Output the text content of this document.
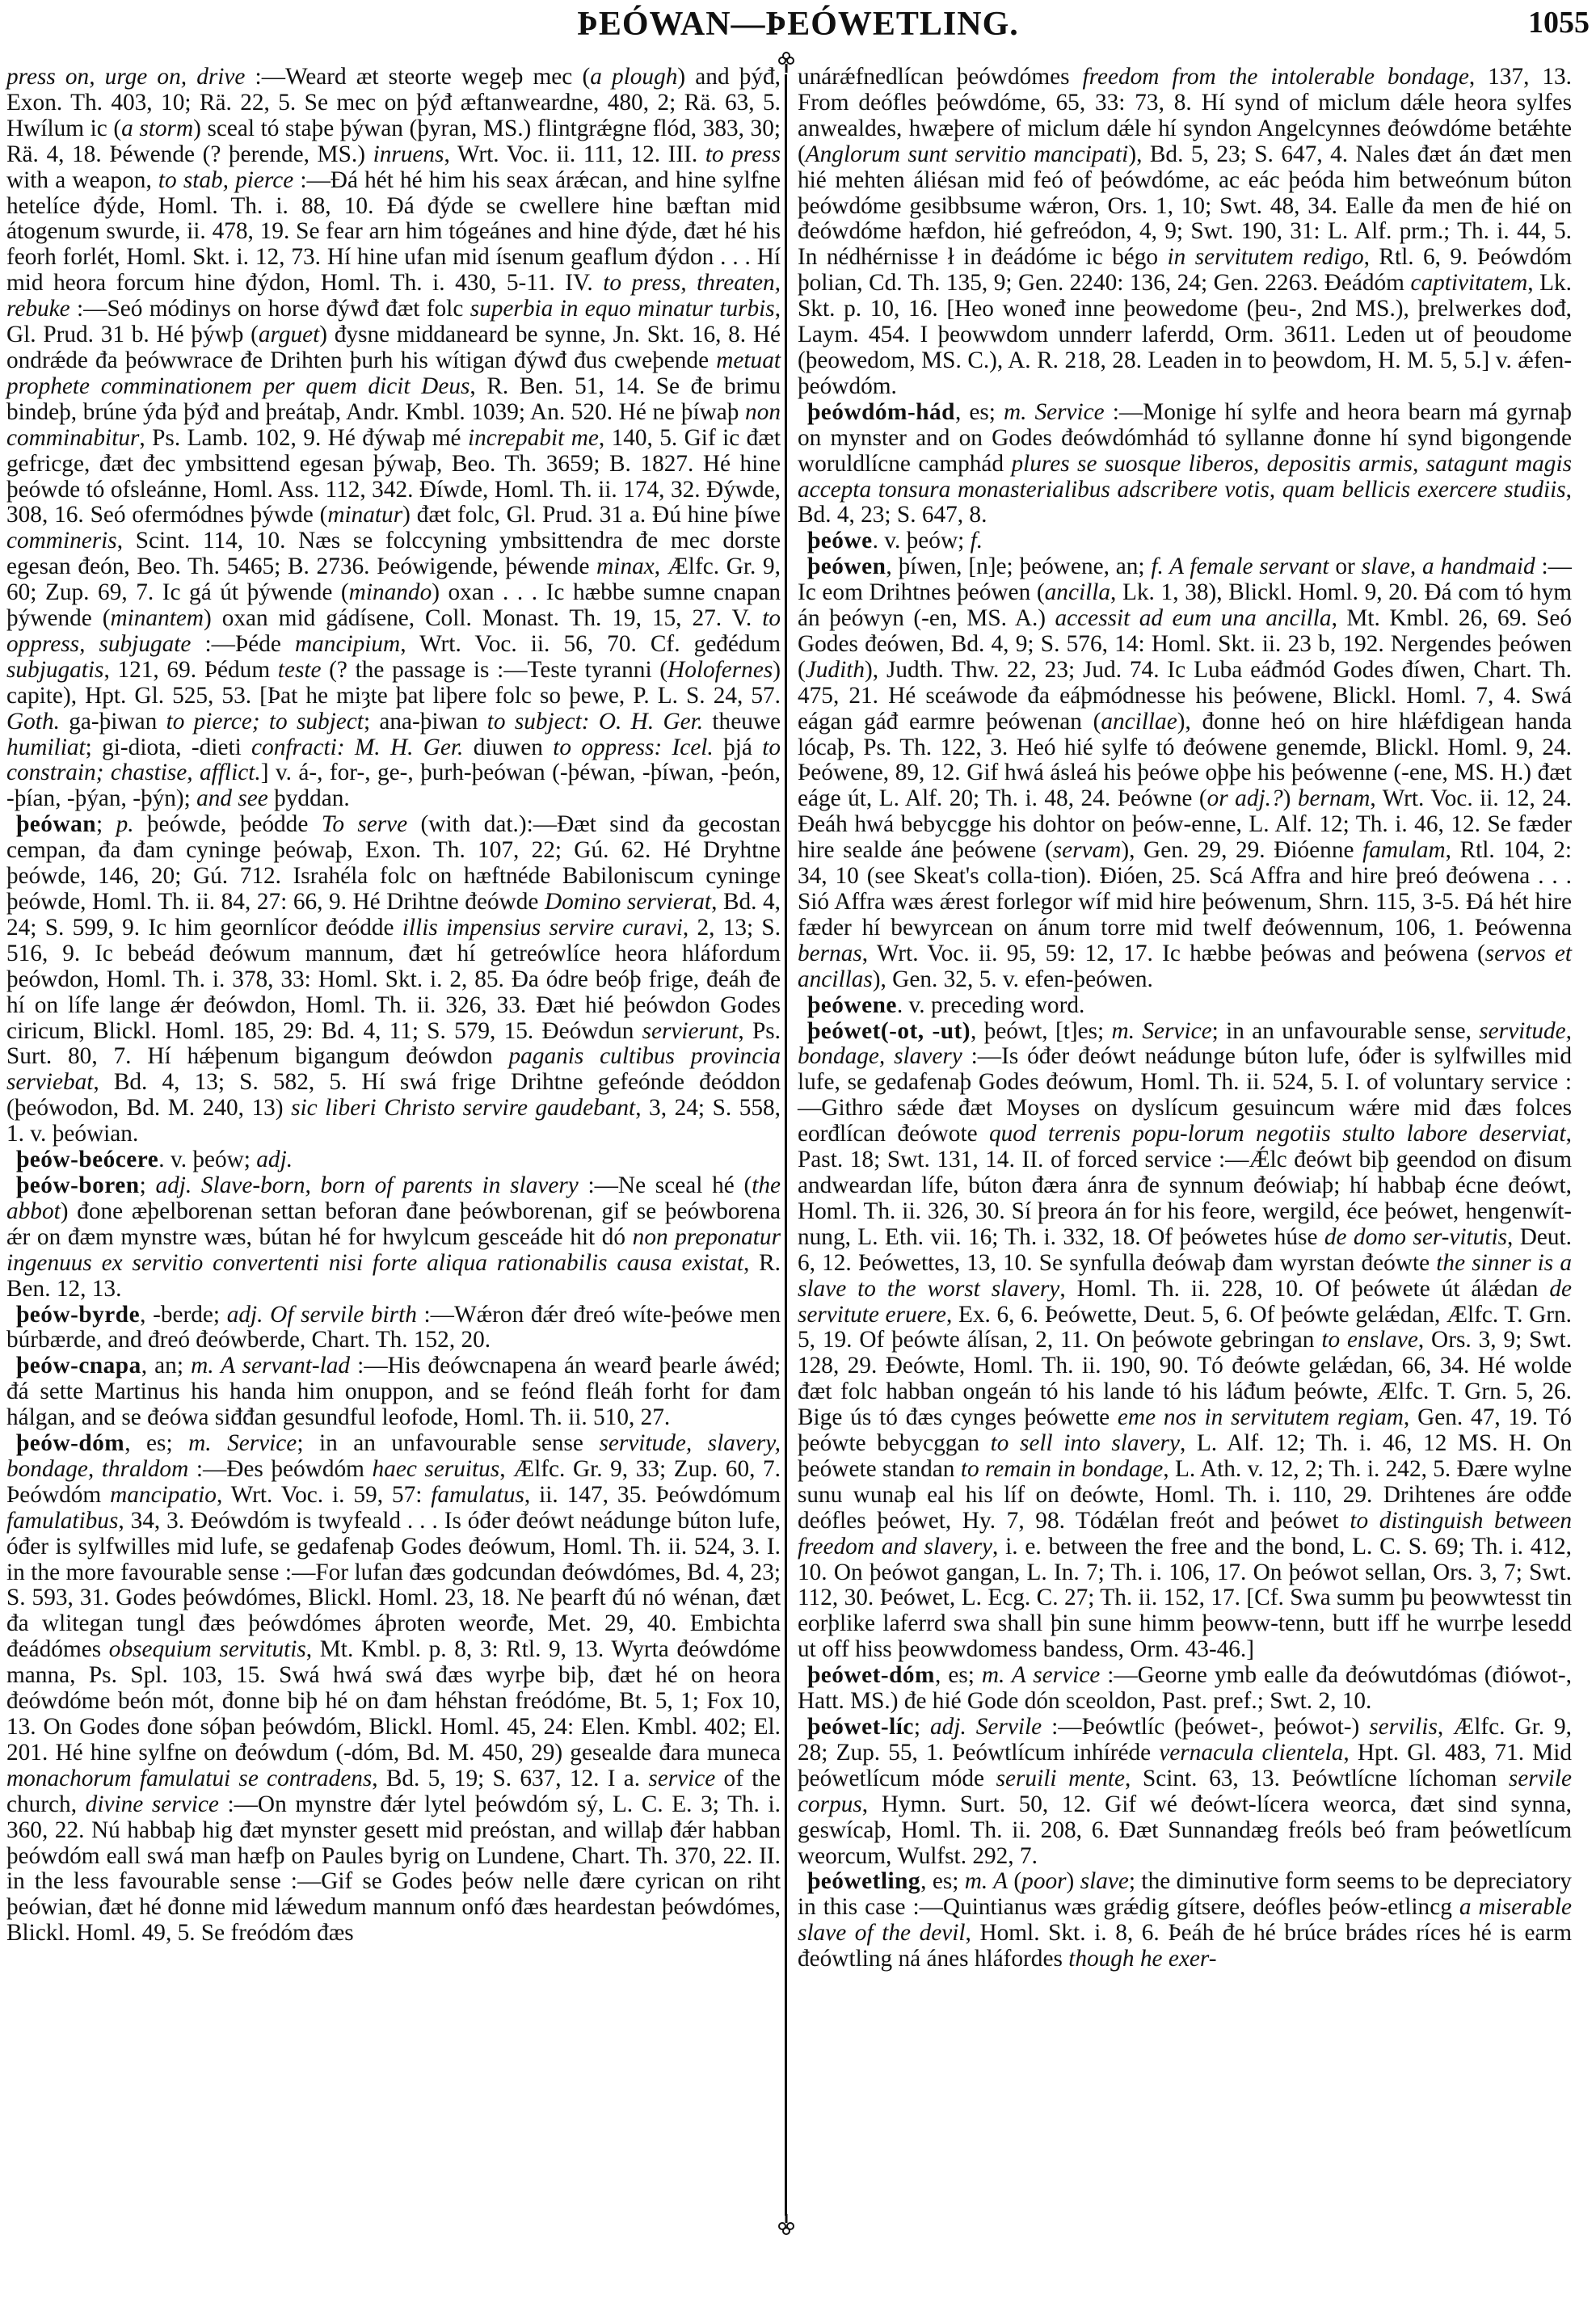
ÞEÓWAN—ÞEÓWETLING.	1055

press on, urge on, drive :—Weard æt steorte wegeþ mec (a plough) and þýđ, Exon. Th. 403, 10; Rä. 22, 5. Se mec on þýđ æftanweardne, 480, 2; Rä. 63, 5. Hwílum ic (a storm) sceal tó staþe þýwan (þyran, MS.) flintgrǽgne flód, 383, 30; Rä. 4, 18. Þéwende (? þerende, MS.) inruens, Wrt. Voc. ii. 111, 12. III. to press with a weapon, to stab, pierce :—Đá hét hé him his seax árǽcan, and hine sylfne hetelíce đýde, Homl. Th. i. 88, 10. Đá đýde se cwellere hine bæftan mid átogenum swurde, ii. 478, 19. Se fear arn him tógeánes and hine đýde, đæt hé his feorh forlét, Homl. Skt. i. 12, 73. Hí hine ufan mid ísenum geaflum đýdon . . . Hí mid heora forcum hine đýdon, Homl. Th. i. 430, 5-11. IV. to press, threaten, rebuke :—Seó módinys on horse đýwđ đæt folc superbia in equo minatur turbis, Gl. Prud. 31 b. Hé þýwþ (arguet) đysne middaneard be synne, Jn. Skt. 16, 8. Hé ondrǽde đa þeówwrace đe Drihten þurh his wítigan đýwđ đus cweþende metuat prophete comminationem per quem dicit Deus, R. Ben. 51, 14. Se đe brimu bindeþ, brúne ýđa þýđ and þreátaþ, Andr. Kmbl. 1039; An. 520. Hé ne þíwaþ non comminabitur, Ps. Lamb. 102, 9. Hé đýwaþ mé increpabit me, 140, 5. Gif ic đæt gefricge, đæt đec ymbsittend egesan þýwaþ, Beo. Th. 3659; B. 1827. Hé hine þeówde tó ofsleánne, Homl. Ass. 112, 342. Đíwde, Homl. Th. ii. 174, 32. Đýwde, 308, 16. Seó ofermódnes þýwde (minatur) đæt folc, Gl. Prud. 31 a. Đú hine þíwe commineris, Scint. 114, 10. Næs se folccyning ymbsittendra đe mec dorste egesan đeón, Beo. Th. 5465; B. 2736. Þeówigende, þéwende minax, Ælfc. Gr. 9, 60; Zup. 69, 7. Ic gá út þýwende (minando) oxan . . . Ic hæbbe sumne cnapan þýwende (minantem) oxan mid gádísene, Coll. Monast. Th. 19, 15, 27. V. to oppress, subjugate :—Þéde mancipium, Wrt. Voc. ii. 56, 70. Cf. geđédum subjugatis, 121, 69. Þédum teste (? the passage is :—Teste tyranni (Holofernes) capite), Hpt. Gl. 525, 53. [Þat he miȝte þat liþere folc so þewe, P. L. S. 24, 57. Goth. ga-þiwan to pierce; to subject; ana-þiwan to subject: O. H. Ger. theuwe humiliat; gi-diota, -dieti confracti: M. H. Ger. diuwen to oppress: Icel. þjá to constrain; chastise, afflict.] v. á-, for-, ge-, þurh-þeówan (-þéwan, -þíwan, -þeón, -þían, -þýan, -þýn); and see þyddan.

þeówan; p. þeówde, þeódde To serve (with dat.):—Đæt sind đa gecostan cempan, đa đam cyninge þeówaþ, Exon. Th. 107, 22; Gú. 62. Hé Dryhtne þeówde, 146, 20; Gú. 712. Israhéla folc on hæftnéde Babiloniscum cyninge þeówde, Homl. Th. ii. 84, 27: 66, 9. Hé Drihtne đeówde Domino servierat, Bd. 4, 24; S. 599, 9. Ic him geornlícor đeódde illis impensius servire curavi, 2, 13; S. 516, 9. Ic bebeád đeówum mannum, đæt hí getreówlíce heora hláfordum þeówdon, Homl. Th. i. 378, 33: Homl. Skt. i. 2, 85. Đa ódre beóþ frige, đeáh đe hí on lífe lange ǽr đeówdon, Homl. Th. ii. 326, 33. Đæt hié þeówdon Godes ciricum, Blickl. Homl. 185, 29: Bd. 4, 11; S. 579, 15. Đeówdun servierunt, Ps. Surt. 80, 7. Hí hǽþenum bigangum đeówdon paganis cultibus provincia serviebat, Bd. 4, 13; S. 582, 5. Hí swá frige Drihtne gefeónde đeóddon (þeówodon, Bd. M. 240, 13) sic liberi Christo servire gaudebant, 3, 24; S. 558, 1. v. þeówian.

þeów-beócere. v. þeów; adj.

þeów-boren; adj. Slave-born, born of parents in slavery :—Ne sceal hé (the abbot) đone æþelborenan settan beforan đane þeówborenan, gif se þeówborena ǽr on đæm mynstre wæs, bútan hé for hwylcum gesceáde hit dó non preponatur ingenuus ex servitio convertenti nisi forte aliqua rationabilis causa existat, R. Ben. 12, 13.

þeów-byrde, -berde; adj. Of servile birth :—Wǽron đǽr đreó wíte-þeówe men búrbærde, and đreó đeówberde, Chart. Th. 152, 20.

þeów-cnapa, an; m. A servant-lad :—His đeówcnapena án wearđ þearle áwéd; đá sette Martinus his handa him onuppon, and se feónd fleáh forht for đam hálgan, and se đeówa siđđan gesundful leofode, Homl. Th. ii. 510, 27.

þeów-dóm, es; m. Service; in an unfavourable sense servitude, slavery, bondage, thraldom :—Đes þeówdóm haec seruitus, Ælfc. Gr. 9, 33; Zup. 60, 7. Þeówdóm mancipatio, Wrt. Voc. i. 59, 57: famulatus, ii. 147, 35. Þeówdómum famulatibus, 34, 3. Đeówdóm is twyfeald . . . Is óđer đeówt neádunge búton lufe, óđer is sylfwilles mid lufe, se gedafenaþ Godes đeówum, Homl. Th. ii. 524, 3. I. in the more favourable sense :—For lufan đæs godcundan đeówdómes, Bd. 4, 23; S. 593, 31. Godes þeówdómes, Blickl. Homl. 23, 18. Ne þearft đú nó wénan, đæt đa wlitegan tungl đæs þeówdómes áþroten weorđe, Met. 29, 40. Embichta đeádómes obsequium servitutis, Mt. Kmbl. p. 8, 3: Rtl. 9, 13. Wyrta đeówdóme manna, Ps. Spl. 103, 15. Swá hwá swá đæs wyrþe biþ, đæt hé on heora đeówdóme beón mót, đonne biþ hé on đam héhstan freódóme, Bt. 5, 1; Fox 10, 13. On Godes đone sóþan þeówdóm, Blickl. Homl. 45, 24: Elen. Kmbl. 402; El. 201. Hé hine sylfne on đeówdum (-dóm, Bd. M. 450, 29) gesealde đara muneca monachorum famulatui se contradens, Bd. 5, 19; S. 637, 12. I a. service of the church, divine service :—On mynstre đǽr lytel þeówdóm sý, L. C. E. 3; Th. i. 360, 22. Nú habbaþ hig đæt mynster gesett mid preóstan, and willaþ đǽr habban þeówdóm eall swá man hæfþ on Paules byrig on Lundene, Chart. Th. 370, 22. II. in the less favourable sense :—Gif se Godes þeów nelle đære cyrican on riht þeówian, đæt hé đonne mid lǽwedum mannum onfó đæs heardestan þeówdómes, Blickl. Homl. 49, 5. Se freódóm đæs

unárǽfnedlícan þeówdómes freedom from the intolerable bondage, 137, 13. From deófles þeówdóme, 65, 33: 73, 8. Hí synd of miclum dǽle heora sylfes anwealdes, hwæþere of miclum dǽle hí syndon Angelcynnes đeówdóme betǽhte (Anglorum sunt servitio mancipati), Bd. 5, 23; S. 647, 4. Nales đæt án đæt men hié mehten áliésan mid feó of þeówdóme, ac eác þeóda him betweónum búton þeówdóme gesibbsume wǽron, Ors. 1, 10; Swt. 48, 34. Ealle đa men đe hié on đeówdóme hæfdon, hié gefreódon, 4, 9; Swt. 190, 31: L. Alf. prm.; Th. i. 44, 5. In nédhérnisse ł in đeádóme ic bégo in servitutem redigo, Rtl. 6, 9. Þeówdóm þolian, Cd. Th. 135, 9; Gen. 2240: 136, 24; Gen. 2263. Đeádóm captivitatem, Lk. Skt. p. 10, 16. [Heo woneđ inne þeowedome (þeu-, 2nd MS.), þrelwerkes dođ, Laym. 454. I þeowwdom unnderr laferdd, Orm. 3611. Leden ut of þeoudome (þeowedom, MS. C.), A. R. 218, 28. Leaden in to þeowdom, H. M. 5, 5.] v. ǽfen-þeówdóm.

þeówdóm-hád, es; m. Service :—Monige hí sylfe and heora bearn má gyrnaþ on mynster and on Godes đeówdómhád tó syllanne đonne hí synd bigongende woruldlícne camphád plures se suosque liberos, depositis armis, satagunt magis accepta tonsura monasterialibus adscribere votis, quam bellicis exercere studiis, Bd. 4, 23; S. 647, 8.

þeówe. v. þeów; f.

þeówen, þíwen, [n]e; þeówene, an; f. A female servant or slave, a handmaid :—Ic eom Drihtnes þeówen (ancilla, Lk. 1, 38), Blickl. Homl. 9, 20. Đá com tó hym án þeówyn (-en, MS. A.) accessit ad eum una ancilla, Mt. Kmbl. 26, 69. Seó Godes đeówen, Bd. 4, 9; S. 576, 14: Homl. Skt. ii. 23 b, 192. Nergendes þeówen (Judith), Judth. Thw. 22, 23; Jud. 74. Ic Luba eáđmód Godes đíwen, Chart. Th. 475, 21. Hé sceáwode đa eáþmódnesse his þeówene, Blickl. Homl. 7, 4. Swá eágan gáđ earmre þeówenan (ancillae), đonne heó on hire hlǽfdigean handa lócaþ, Ps. Th. 122, 3. Heó hié sylfe tó đeówene genemde, Blickl. Homl. 9, 24. Þeówene, 89, 12. Gif hwá ásleá his þeówe oþþe his þeówenne (-ene, MS. H.) đæt eáge út, L. Alf. 20; Th. i. 48, 24. Þeówne (or adj.?) bernam, Wrt. Voc. ii. 12, 24. Đeáh hwá bebycgge his dohtor on þeów-enne, L. Alf. 12; Th. i. 46, 12. Se fæder hire sealde áne þeówene (servam), Gen. 29, 29. Đióenne famulam, Rtl. 104, 2: 34, 10 (see Skeat's colla-tion). Đióen, 25. Scá Affra and hire þreó đeówena . . . Sió Affra wæs ǽrest forlegor wíf mid hire þeówenum, Shrn. 115, 3-5. Đá hét hire fæder hí bewyrcean on ánum torre mid twelf đeówennum, 106, 1. Þeówenna bernas, Wrt. Voc. ii. 95, 59: 12, 17. Ic hæbbe þeówas and þeówena (servos et ancillas), Gen. 32, 5. v. efen-þeówen.

þeówene. v. preceding word.

þeówet(-ot, -ut), þeówt, [t]es; m. Service; in an unfavourable sense, servitude, bondage, slavery :—Is óđer đeówt neádunge búton lufe, óđer is sylfwilles mid lufe, se gedafenaþ Godes đeówum, Homl. Th. ii. 524, 5. I. of voluntary service :—Githro sǽde đæt Moyses on dyslícum gesuincum wǽre mid đæs folces eorđlícan đeówote quod terrenis popu-lorum negotiis stulto labore deserviat, Past. 18; Swt. 131, 14. II. of forced service :—Ǽlc đeówt biþ geendod on đisum andweardan lífe, búton đæra ánra đe synnum đeówiaþ; hí habbaþ écne đeówt, Homl. Th. ii. 326, 30. Sí þreora án for his feore, wergild, éce þeówet, hengenwít-nung, L. Eth. vii. 16; Th. i. 332, 18. Of þeówetes húse de domo ser-vitutis, Deut. 6, 12. Þeówettes, 13, 10. Se synfulla đeówaþ đam wyrstan đeówte the sinner is a slave to the worst slavery, Homl. Th. ii. 228, 10. Of þeówete út álǽdan de servitute eruere, Ex. 6, 6. Þeówette, Deut. 5, 6. Of þeówte gelǽdan, Ælfc. T. Grn. 5, 19. Of þeówte álísan, 2, 11. On þeówote gebringan to enslave, Ors. 3, 9; Swt. 128, 29. Đeówte, Homl. Th. ii. 190, 90. Tó đeówte gelǽdan, 66, 34. Hé wolde đæt folc habban ongeán tó his lande tó his láđum þeówte, Ælfc. T. Grn. 5, 26. Bige ús tó đæs cynges þeówette eme nos in servitutem regiam, Gen. 47, 19. Tó þeówte bebycggan to sell into slavery, L. Alf. 12; Th. i. 46, 12 MS. H. On þeówete standan to remain in bondage, L. Ath. v. 12, 2; Th. i. 242, 5. Đære wylne sunu wunaþ eal his líf on đeówte, Homl. Th. i. 110, 29. Drihtenes áre ođđe deófles þeówet, Hy. 7, 98. Tódǽlan freót and þeówet to distinguish between freedom and slavery, i. e. between the free and the bond, L. C. S. 69; Th. i. 412, 10. On þeówot gangan, L. In. 7; Th. i. 106, 17. On þeówot sellan, Ors. 3, 7; Swt. 112, 30. Þeówet, L. Ecg. C. 27; Th. ii. 152, 17. [Cf. Swa summ þu þeowwtesst tin eorþlike laferrd swa shall þin sune himm þeoww-tenn, butt iff he wurrþe lesedd ut off hiss þeowwdomess bandess, Orm. 43-46.]

þeówet-dóm, es; m. A service :—Georne ymb ealle đa đeówutdómas (điówot-, Hatt. MS.) đe hié Gode dón sceoldon, Past. pref.; Swt. 2, 10.

þeówet-líc; adj. Servile :—Þeówtlíc (þeówet-, þeówot-) servilis, Ælfc. Gr. 9, 28; Zup. 55, 1. Þeówtlícum inhíréde vernacula clientela, Hpt. Gl. 483, 71. Mid þeówetlícum móde seruili mente, Scint. 63, 13. Þeówtlícne líchoman servile corpus, Hymn. Surt. 50, 12. Gif wé đeówt-lícera weorca, đæt sind synna, geswícaþ, Homl. Th. ii. 208, 6. Đæt Sunnandæg freóls beó fram þeówetlícum weorcum, Wulfst. 292, 7.

þeówetling, es; m. A (poor) slave; the diminutive form seems to be depreciatory in this case :—Quintianus wæs grǽdig gítsere, deófles þeów-etlincg a miserable slave of the devil, Homl. Skt. i. 8, 6. Þeáh đe hé brúce brádes ríces hé is earm đeówtling ná ánes hláfordes though he exer-
